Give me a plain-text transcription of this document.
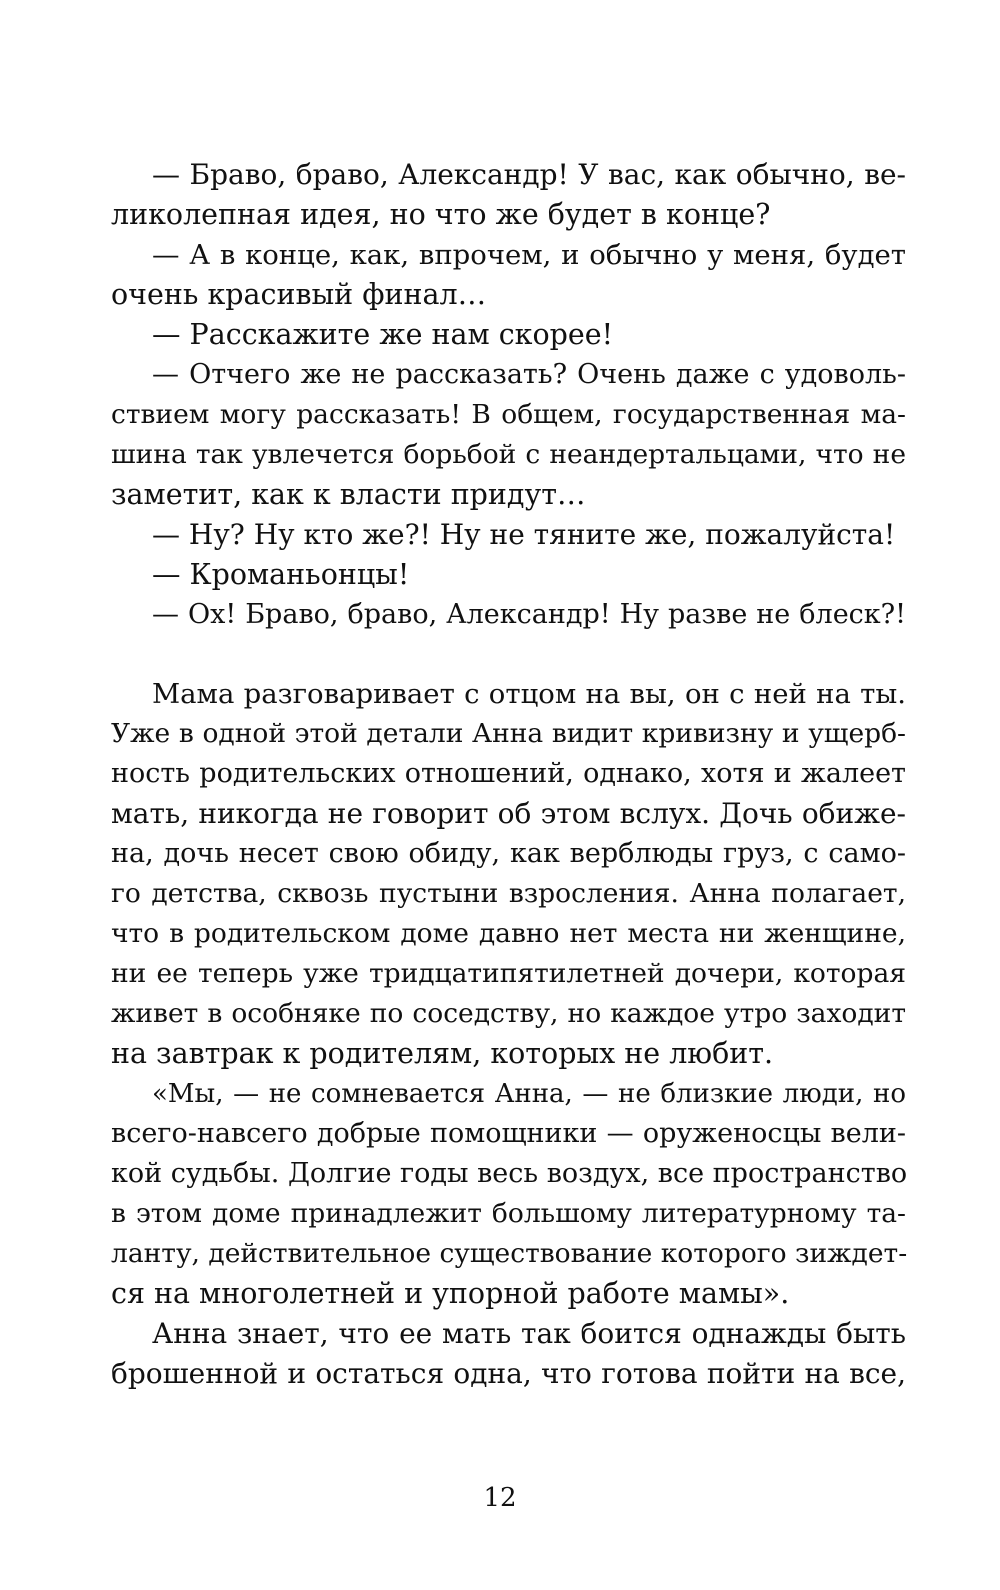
— Браво, браво, Александр! У вас, как обычно, ве-
ликолепная идея, но что же будет в конце?
— А в конце, как, впрочем, и обычно у меня, будет
очень красивый финал…
— Расскажите же нам скорее!
— Отчего же не рассказать? Очень даже с удоволь-
ствием могу рассказать! В общем, государственная ма-
шина так увлечется борьбой с неандертальцами, что не
заметит, как к власти придут…
— Ну? Ну кто же?! Ну не тяните же, пожалуйста!
— Кроманьонцы!
— Ох! Браво, браво, Александр! Ну разве не блеск?!
Мама разговаривает с отцом на вы, он с ней на ты.
Уже в одной этой детали Анна видит кривизну и ущерб-
ность родительских отношений, однако, хотя и жалеет
мать, никогда не говорит об этом вслух. Дочь обиже-
на, дочь несет свою обиду, как верблюды груз, с само-
го детства, сквозь пустыни взросления. Анна полагает,
что в родительском доме давно нет места ни женщине,
ни ее теперь уже тридцатипятилетней дочери, которая
живет в особняке по соседству, но каждое утро заходит
на завтрак к родителям, которых не любит.
«Мы, — не сомневается Анна, — не близкие люди, но
всего-навсего добрые помощники — оруженосцы вели-
кой судьбы. Долгие годы весь воздух, все пространство
в этом доме принадлежит большому литературному та-
ланту, действительное существование которого зиждет-
ся на многолетней и упорной работе мамы».
Анна знает, что ее мать так боится однажды быть
брошенной и остаться одна, что готова пойти на все,
12
